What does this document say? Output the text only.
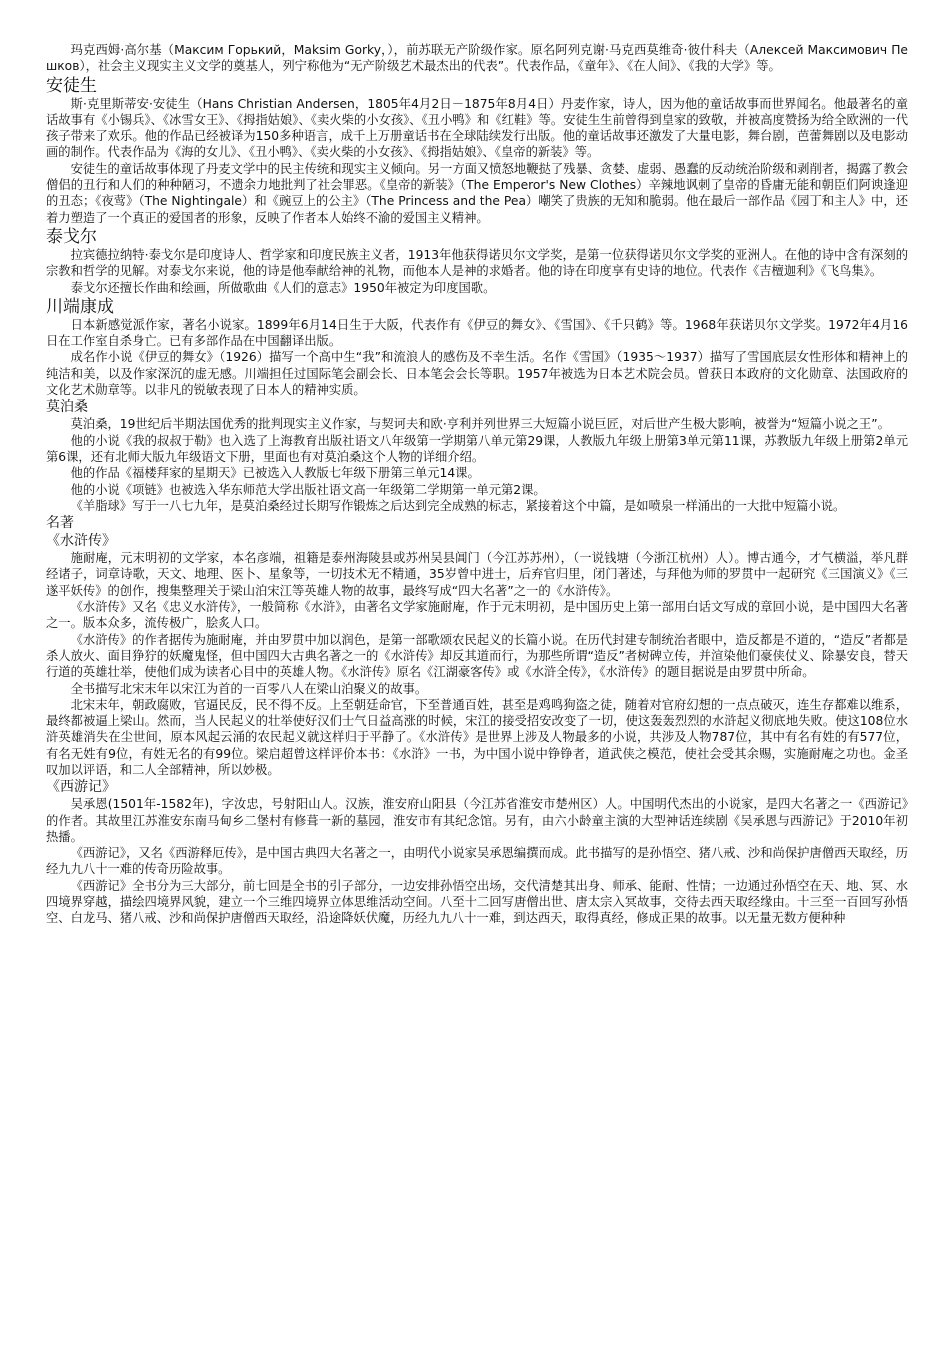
玛克西姆·高尔基（Максим Горький，Maksim Gorky，），前苏联无产阶级作家。原名阿列克谢·马克西莫维奇·彼什科夫（Алексей Максимович Пешков），社会主义现实主义文学的奠基人，列宁称他为“无产阶级艺术最杰出的代表”。代表作品，《童年》、《在人间》、《我的大学》等。

安徒生

斯·克里斯蒂安·安徒生（Hans Christian Andersen，1805年4月2日－1875年8月4日）丹麦作家，诗人，因为他的童话故事而世界闻名。他最著名的童话故事有《小锡兵》、《冰雪女王》、《拇指姑娘》、《卖火柴的小女孩》、《丑小鸭》和《红鞋》等。安徒生生前曾得到皇家的致敬，并被高度赞扬为给全欧洲的一代孩子带来了欢乐。他的作品已经被译为150多种语言，成千上万册童话书在全球陆续发行出版。他的童话故事还激发了大量电影，舞台剧，芭蕾舞剧以及电影动画的制作。代表作品为《海的女儿》、《丑小鸭》、《卖火柴的小女孩》、《拇指姑娘》、《皇帝的新装》等。

安徒生的童话故事体现了丹麦文学中的民主传统和现实主义倾向。另一方面又愤怒地鞭挞了残暴、贪婪、虚弱、愚蠢的反动统治阶级和剥削者，揭露了教会僧侣的丑行和人们的种种陋习，不遗余力地批判了社会罪恶。《皇帝的新装》（The Emperor's New Clothes）辛辣地讽刺了皇帝的昏庸无能和朝臣们阿谀逢迎的丑态；《夜莺》（The Nightingale）和《豌豆上的公主》（The Princess and the Pea）嘲笑了贵族的无知和脆弱。他在最后一部作品《园丁和主人》中，还着力塑造了一个真正的爱国者的形象，反映了作者本人始终不渝的爱国主义精神。

泰戈尔

拉宾德拉纳特·泰戈尔是印度诗人、哲学家和印度民族主义者，1913年他获得诺贝尔文学奖，是第一位获得诺贝尔文学奖的亚洲人。在他的诗中含有深刻的宗教和哲学的见解。对泰戈尔来说，他的诗是他奉献给神的礼物，而他本人是神的求婚者。他的诗在印度享有史诗的地位。代表作《吉檀迦利》《飞鸟集》。

泰戈尔还擅长作曲和绘画，所做歌曲《人们的意志》1950年被定为印度国歌。

川端康成

日本新感觉派作家，著名小说家。1899年6月14日生于大阪，代表作有《伊豆的舞女》、《雪国》、《千只鹤》等。1968年获诺贝尔文学奖。1972年4月16日在工作室自杀身亡。已有多部作品在中国翻译出版。

成名作小说《伊豆的舞女》（1926）描写一个高中生“我”和流浪人的感伤及不幸生活。名作《雪国》（1935～1937）描写了雪国底层女性形体和精神上的纯洁和美，以及作家深沉的虚无感。川端担任过国际笔会副会长、日本笔会会长等职。1957年被选为日本艺术院会员。曾获日本政府的文化勋章、法国政府的文化艺术勋章等。以非凡的锐敏表现了日本人的精神实质。

莫泊桑

莫泊桑，19世纪后半期法国优秀的批判现实主义作家，与契诃夫和欧·亨利并列世界三大短篇小说巨匠，对后世产生极大影响，被誉为“短篇小说之王”。

他的小说《我的叔叔于勒》也入选了上海教育出版社语文八年级第一学期第八单元第29课，人教版九年级上册第3单元第11课，苏教版九年级上册第2单元第6课，还有北师大版九年级语文下册，里面也有对莫泊桑这个人物的详细介绍。

他的作品《福楼拜家的星期天》已被选入人教版七年级下册第三单元14课。

他的小说《项链》也被选入华东师范大学出版社语文高一年级第二学期第一单元第2课。

《羊脂球》写于一八七九年，是莫泊桑经过长期写作锻炼之后达到完全成熟的标志，紧接着这个中篇，是如喷泉一样涌出的一大批中短篇小说。

名著
《水浒传》

施耐庵，元末明初的文学家，本名彦端，祖籍是泰州海陵县或苏州吴县阊门（今江苏苏州），（一说钱塘（今浙江杭州）人）。博古通今，才气横溢，举凡群经诸子，词章诗歌，天文、地理、医卜、星象等，一切技术无不精通，35岁曾中进士，后弃官归里，闭门著述，与拜他为师的罗贯中一起研究《三国演义》《三遂平妖传》的创作，搜集整理关于梁山泊宋江等英雄人物的故事，最终写成“四大名著”之一的《水浒传》。

《水浒传》又名《忠义水浒传》，一般简称《水浒》，由著名文学家施耐庵，作于元末明初，是中国历史上第一部用白话文写成的章回小说，是中国四大名著之一。版本众多，流传极广，脍炙人口。

《水浒传》的作者据传为施耐庵，并由罗贯中加以润色，是第一部歌颂农民起义的长篇小说。在历代封建专制统治者眼中，造反都是不道的，“造反”者都是杀人放火、面目狰狞的妖魔鬼怪，但中国四大古典名著之一的《水浒传》却反其道而行，为那些所谓“造反”者树碑立传，并渲染他们豪侠仗义、除暴安良，替天行道的英雄壮举，使他们成为读者心目中的英雄人物。《水浒传》原名《江湖豪客传》或《水浒全传》，《水浒传》的题目据说是由罗贯中所命。

全书描写北宋末年以宋江为首的一百零八人在梁山泊聚义的故事。

北宋末年，朝政腐败，官逼民反，民不得不反。上至朝廷命官，下至普通百姓，甚至是鸡鸣狗盗之徒，随着对官府幻想的一点点破灭，连生存都难以维系，最终都被逼上梁山。然而，当人民起义的壮举使好汉们士气日益高涨的时候，宋江的接受招安改变了一切，使这轰轰烈烈的水浒起义彻底地失败。使这108位水浒英雄消失在尘世间，原本风起云涌的农民起义就这样归于平静了。《水浒传》是世界上涉及人物最多的小说，共涉及人物787位，其中有名有姓的有577位，有名无姓有9位，有姓无名的有99位。梁启超曾这样评价本书：《水浒》一书，为中国小说中铮铮者，道武侠之模范，使社会受其余赐，实施耐庵之功也。金圣叹加以评语，和二人全部精神，所以妙极。

《西游记》

吴承恩(1501年-1582年)，字汝忠，号射阳山人。汉族，淮安府山阳县（今江苏省淮安市楚州区）人。中国明代杰出的小说家，是四大名著之一《西游记》的作者。其故里江苏淮安东南马甸乡二堡村有修葺一新的墓园，淮安市有其纪念馆。另有，由六小龄童主演的大型神话连续剧《吴承恩与西游记》于2010年初热播。

《西游记》，又名《西游释厄传》，是中国古典四大名著之一，由明代小说家吴承恩编撰而成。此书描写的是孙悟空、猪八戒、沙和尚保护唐僧西天取经，历经九九八十一难的传奇历险故事。

《西游记》全书分为三大部分，前七回是全书的引子部分，一边安排孙悟空出场，交代清楚其出身、师承、能耐、性情；一边通过孙悟空在天、地、冥、水四境界穿越，描绘四境界风貌，建立一个三维四境界立体思维活动空间。八至十二回写唐僧出世、唐太宗入冥故事，交待去西天取经缘由。十三至一百回写孙悟空、白龙马、猪八戒、沙和尚保护唐僧西天取经，沿途降妖伏魔，历经九九八十一难，到达西天，取得真经，修成正果的故事。以无量无数方便种种
